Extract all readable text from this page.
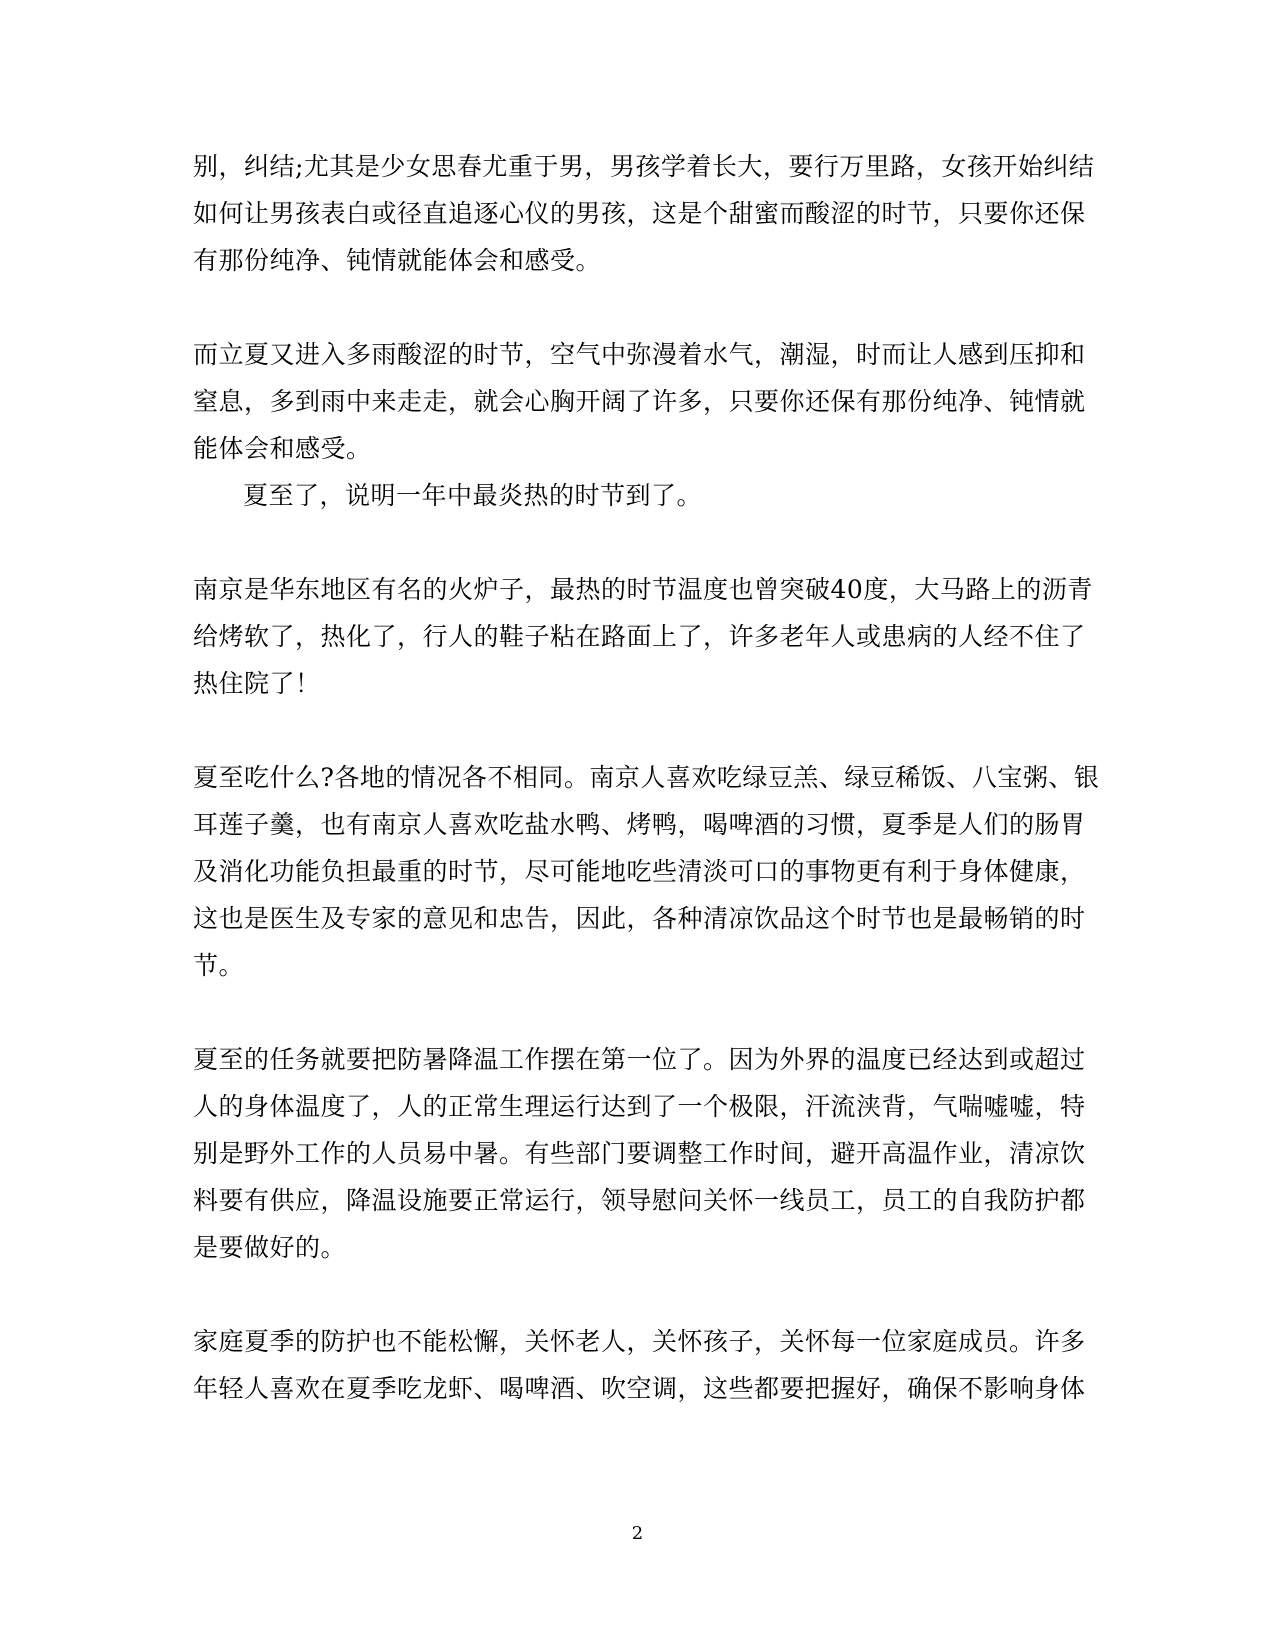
别，纠结;尤其是少女思春尤重于男，男孩学着长大，要行万里路，女孩开始纠结
如何让男孩表白或径直追逐心仪的男孩，这是个甜蜜而酸涩的时节，只要你还保
有那份纯净、钝情就能体会和感受。
而立夏又进入多雨酸涩的时节，空气中弥漫着水气，潮湿，时而让人感到压抑和
窒息，多到雨中来走走，就会心胸开阔了许多，只要你还保有那份纯净、钝情就
能体会和感受。
夏至了，说明一年中最炎热的时节到了。
南京是华东地区有名的火炉子，最热的时节温度也曾突破40度，大马路上的沥青
给烤软了，热化了，行人的鞋子粘在路面上了，许多老年人或患病的人经不住了
热住院了！
夏至吃什么?各地的情况各不相同。南京人喜欢吃绿豆羔、绿豆稀饭、八宝粥、银
耳莲子羹，也有南京人喜欢吃盐水鸭、烤鸭，喝啤酒的习惯，夏季是人们的肠胃
及消化功能负担最重的时节，尽可能地吃些清淡可口的事物更有利于身体健康，
这也是医生及专家的意见和忠告，因此，各种清凉饮品这个时节也是最畅销的时
节。
夏至的任务就要把防暑降温工作摆在第一位了。因为外界的温度已经达到或超过
人的身体温度了，人的正常生理运行达到了一个极限，汗流浃背，气喘嘘嘘，特
别是野外工作的人员易中暑。有些部门要调整工作时间，避开高温作业，清凉饮
料要有供应，降温设施要正常运行，领导慰问关怀一线员工，员工的自我防护都
是要做好的。
家庭夏季的防护也不能松懈，关怀老人，关怀孩子，关怀每一位家庭成员。许多
年轻人喜欢在夏季吃龙虾、喝啤酒、吹空调，这些都要把握好，确保不影响身体
2
